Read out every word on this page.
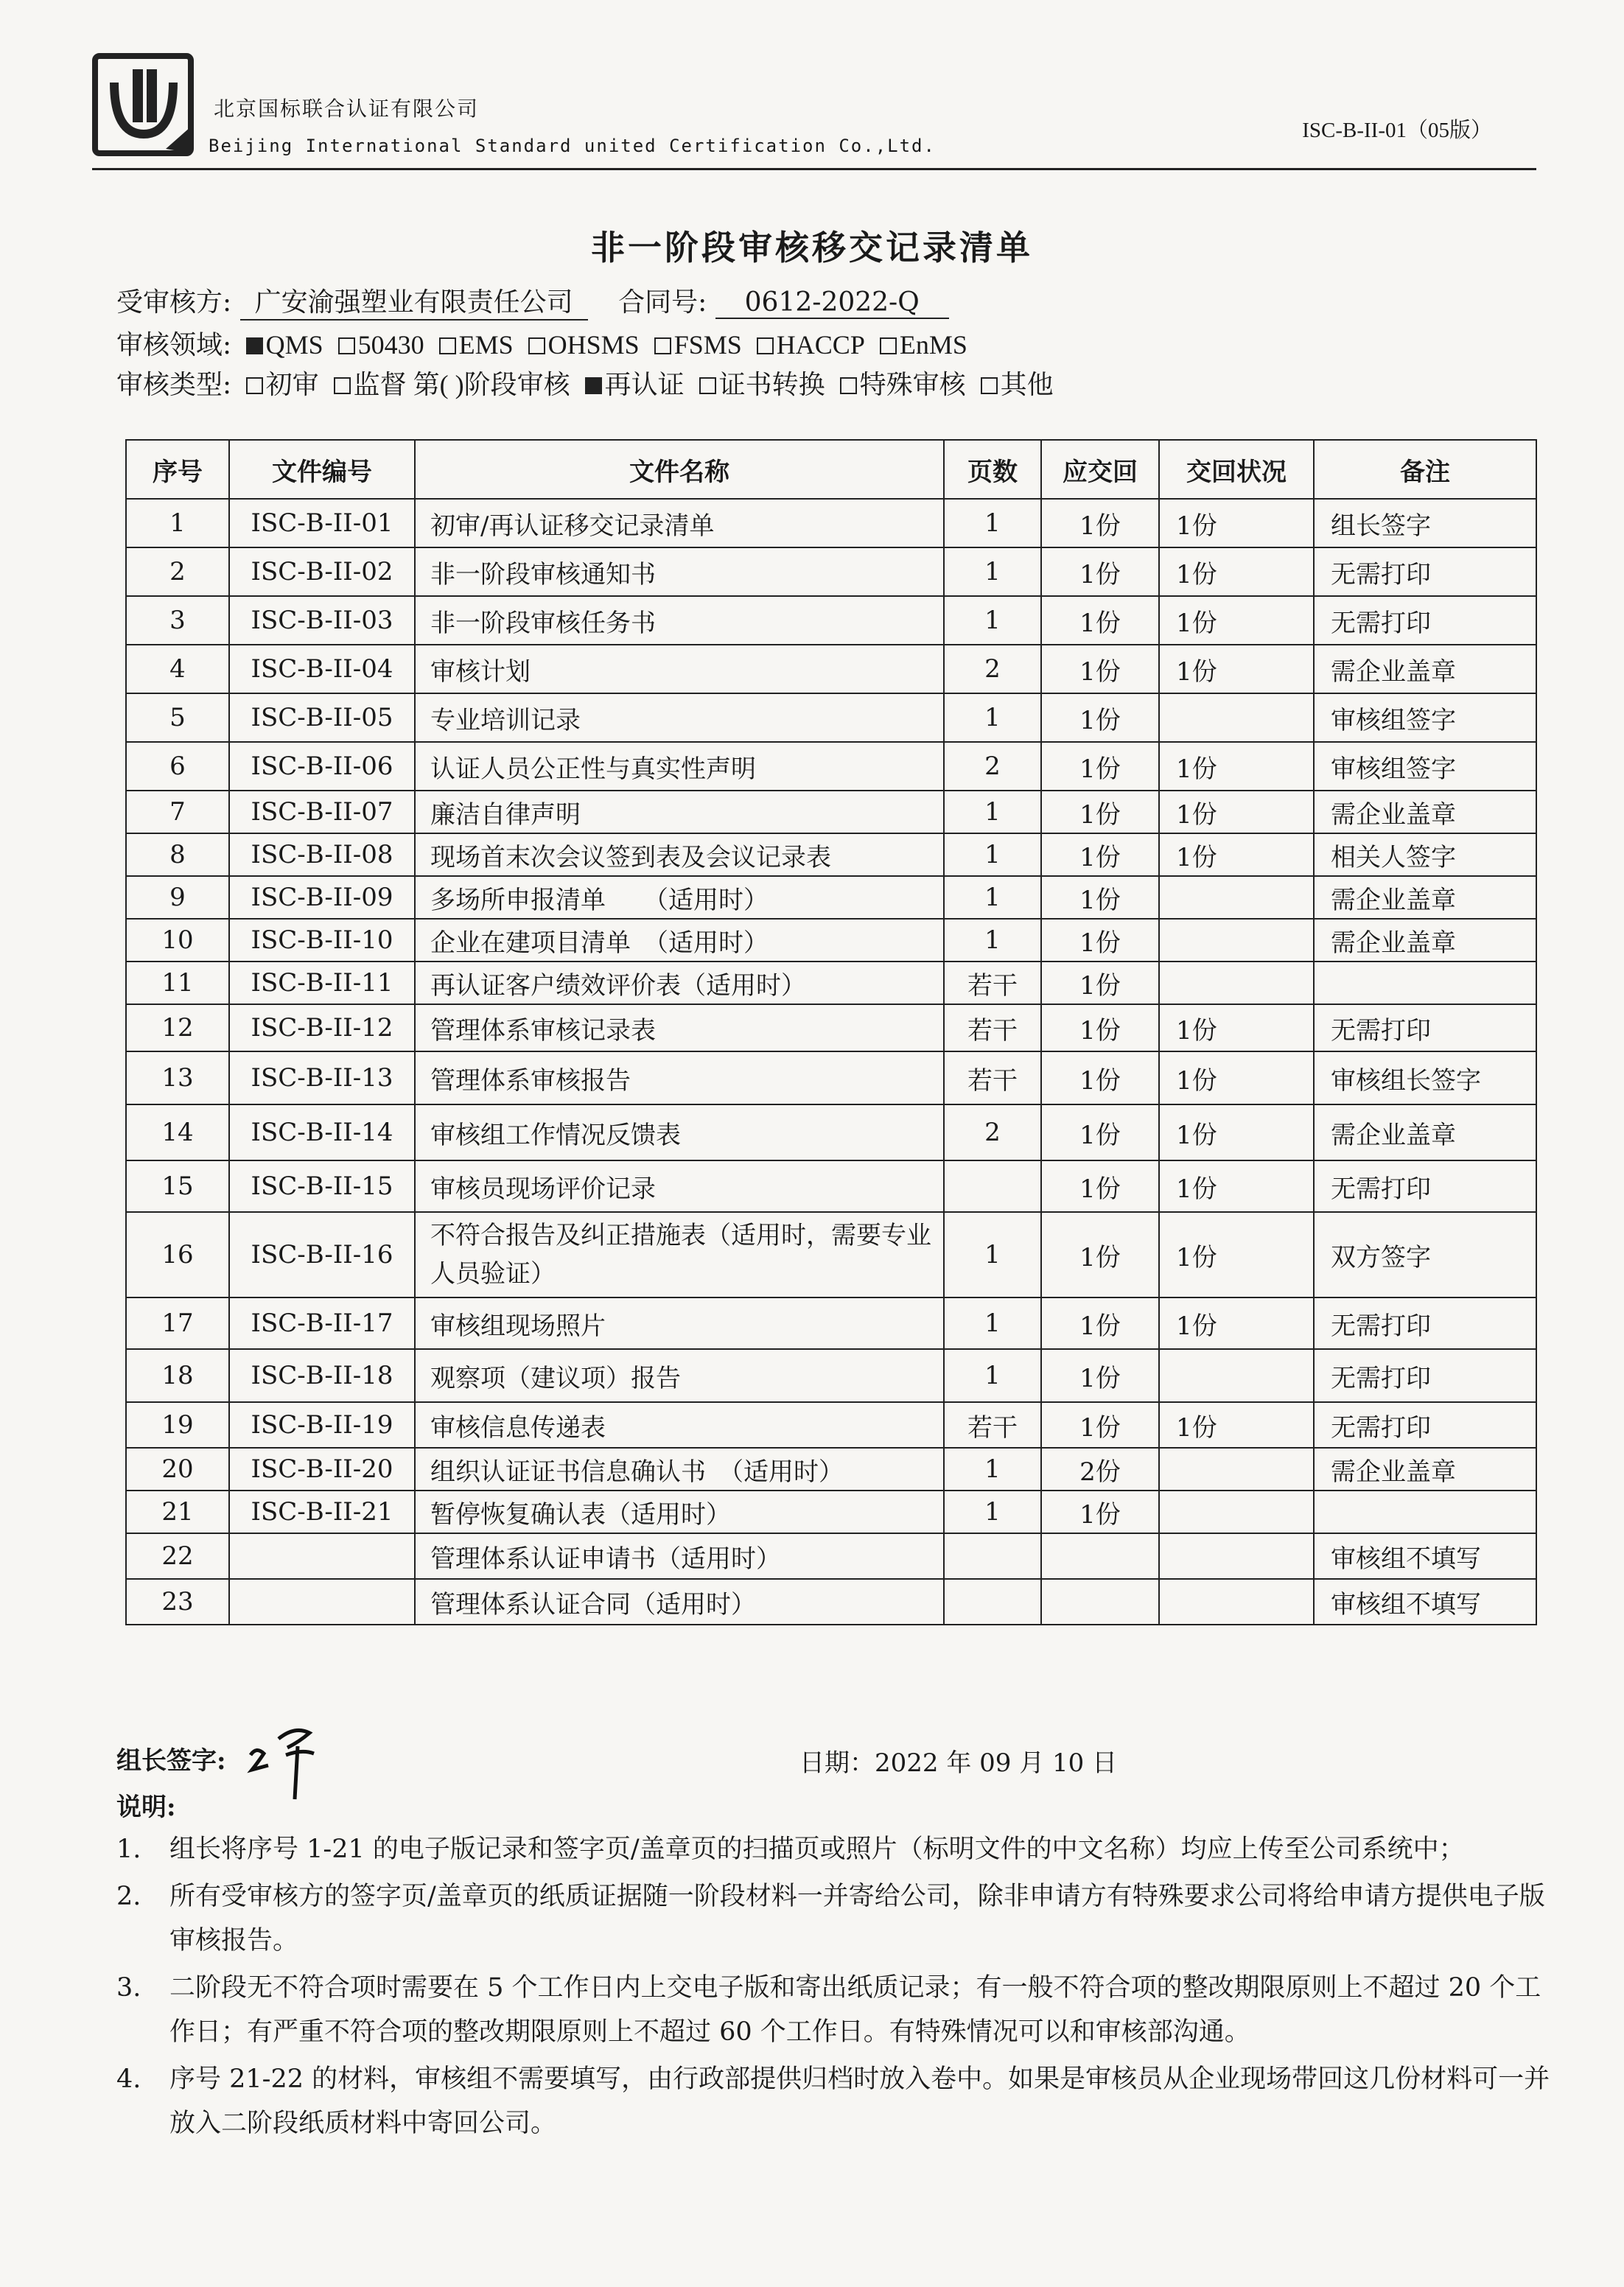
北京国标联合认证有限公司
Beijing International Standard united Certification Co.,Ltd.
ISC-B-II-01（05版）
非一阶段审核移交记录清单
受审核方: 广安渝强塑业有限责任公司 合同号: 0612-2022-Q
审核领域: QMS 50430 EMS OHSMS FSMS HACCP EnMS
审核类型: 初审 监督 第( )阶段审核 再认证 证书转换 特殊审核 其他
序号	文件编号	文件名称	页数	应交回	交回状况	备注
1	ISC-B-II-01	初审/再认证移交记录清单	1	1份	1份	组长签字
2	ISC-B-II-02	非一阶段审核通知书	1	1份	1份	无需打印
3	ISC-B-II-03	非一阶段审核任务书	1	1份	1份	无需打印
4	ISC-B-II-04	审核计划	2	1份	1份	需企业盖章
5	ISC-B-II-05	专业培训记录	1	1份		审核组签字
6	ISC-B-II-06	认证人员公正性与真实性声明	2	1份	1份	审核组签字
7	ISC-B-II-07	廉洁自律声明	1	1份	1份	需企业盖章
8	ISC-B-II-08	现场首末次会议签到表及会议记录表	1	1份	1份	相关人签字
9	ISC-B-II-09	多场所申报清单　　（适用时）	1	1份		需企业盖章
10	ISC-B-II-10	企业在建项目清单　（适用时）	1	1份		需企业盖章
11	ISC-B-II-11	再认证客户绩效评价表（适用时）	若干	1份		
12	ISC-B-II-12	管理体系审核记录表	若干	1份	1份	无需打印
13	ISC-B-II-13	管理体系审核报告	若干	1份	1份	审核组长签字
14	ISC-B-II-14	审核组工作情况反馈表	2	1份	1份	需企业盖章
15	ISC-B-II-15	审核员现场评价记录		1份	1份	无需打印
16	ISC-B-II-16	不符合报告及纠正措施表（适用时，需要专业人员验证）	1	1份	1份	双方签字
17	ISC-B-II-17	审核组现场照片	1	1份	1份	无需打印
18	ISC-B-II-18	观察项（建议项）报告	1	1份		无需打印
19	ISC-B-II-19	审核信息传递表	若干	1份	1份	无需打印
20	ISC-B-II-20	组织认证证书信息确认书　（适用时）	1	2份		需企业盖章
21	ISC-B-II-21	暂停恢复确认表（适用时）	1	1份		
22		管理体系认证申请书（适用时）				审核组不填写
23		管理体系认证合同（适用时）				审核组不填写
组长签字:	日期：2022 年 09 月 10 日
说明:
1.	组长将序号 1-21 的电子版记录和签字页/盖章页的扫描页或照片（标明文件的中文名称）均应上传至公司系统中；
2.	所有受审核方的签字页/盖章页的纸质证据随一阶段材料一并寄给公司，除非申请方有特殊要求公司将给申请方提供电子版审核报告。
3.	二阶段无不符合项时需要在 5 个工作日内上交电子版和寄出纸质记录；有一般不符合项的整改期限原则上不超过 20 个工作日；有严重不符合项的整改期限原则上不超过 60 个工作日。有特殊情况可以和审核部沟通。
4.	序号 21-22 的材料，审核组不需要填写，由行政部提供归档时放入卷中。如果是审核员从企业现场带回这几份材料可一并放入二阶段纸质材料中寄回公司。
